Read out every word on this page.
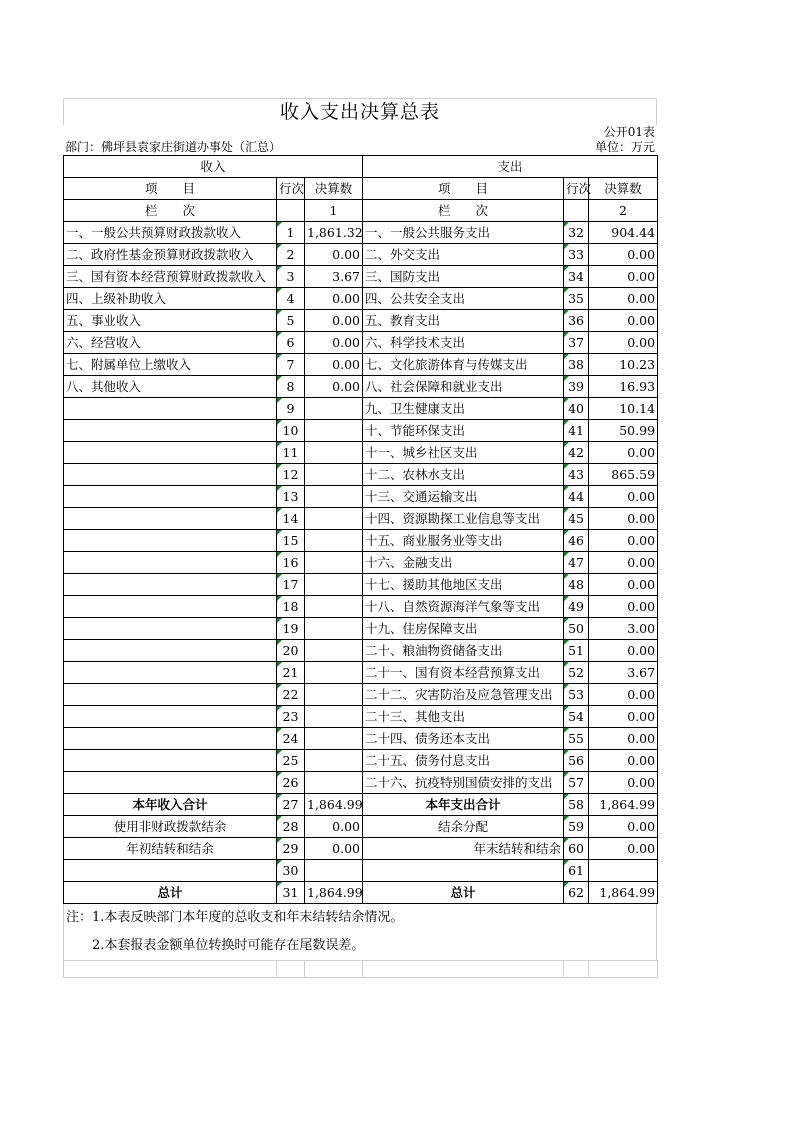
收入支出决算总表
公开01表
部门：佛坪县袁家庄街道办事处（汇总）	单位：万元
收入			支出		
项　　目	行次	决算数	项　　目	行次	决算数
栏　　次		1	栏　　次		2
一、一般公共预算财政拨款收入	1	1,861.32	一、一般公共服务支出	32	904.44
二、政府性基金预算财政拨款收入	2	0.00	二、外交支出	33	0.00
三、国有资本经营预算财政拨款收入	3	3.67	三、国防支出	34	0.00
四、上级补助收入	4	0.00	四、公共安全支出	35	0.00
五、事业收入	5	0.00	五、教育支出	36	0.00
六、经营收入	6	0.00	六、科学技术支出	37	0.00
七、附属单位上缴收入	7	0.00	七、文化旅游体育与传媒支出	38	10.23
八、其他收入	8	0.00	八、社会保障和就业支出	39	16.93
	9		九、卫生健康支出	40	10.14
	10		十、节能环保支出	41	50.99
	11		十一、城乡社区支出	42	0.00
	12		十二、农林水支出	43	865.59
	13		十三、交通运输支出	44	0.00
	14		十四、资源勘探工业信息等支出	45	0.00
	15		十五、商业服务业等支出	46	0.00
	16		十六、金融支出	47	0.00
	17		十七、援助其他地区支出	48	0.00
	18		十八、自然资源海洋气象等支出	49	0.00
	19		十九、住房保障支出	50	3.00
	20		二十、粮油物资储备支出	51	0.00
	21		二十一、国有资本经营预算支出	52	3.67
	22		二十二、灾害防治及应急管理支出	53	0.00
	23		二十三、其他支出	54	0.00
	24		二十四、债务还本支出	55	0.00
	25		二十五、债务付息支出	56	0.00
	26		二十六、抗疫特别国债安排的支出	57	0.00
本年收入合计	27	1,864.99	本年支出合计	58	1,864.99
使用非财政拨款结余	28	0.00	结余分配	59	0.00
年初结转和结余	29	0.00	年末结转和结余	60	0.00
	30			61	
总计	31	1,864.99	总计	62	1,864.99
注：1.本表反映部门本年度的总收支和年末结转结余情况。
　　2.本套报表金额单位转换时可能存在尾数误差。
